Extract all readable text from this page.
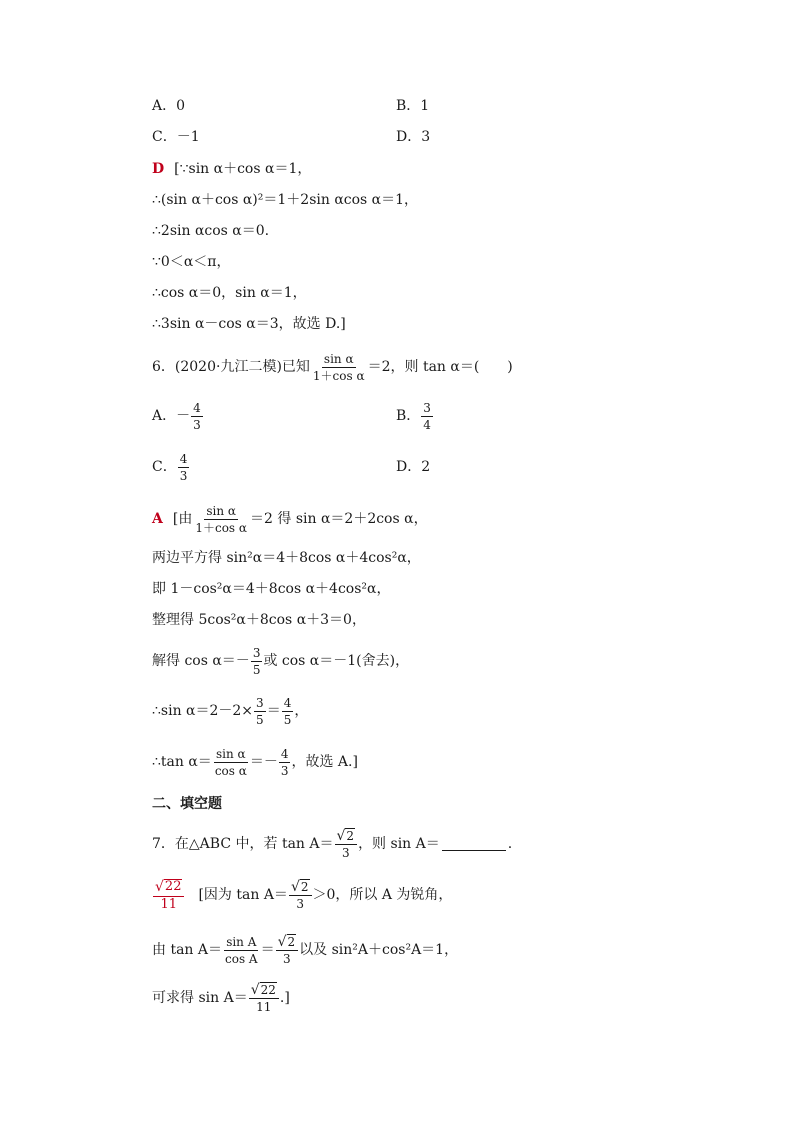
A．0	B．1
C．－1	D．3
D [∵sin α＋cos α＝1，
∴(sin α＋cos α)²＝1＋2sin αcos α＝1，
∴2sin αcos α＝0.
∵0＜α＜π，
∴cos α＝0，sin α＝1，
∴3sin α－cos α＝3，故选 D.]
6．(2020·九江二模)已知 $\frac{\text{sin α}}{\text{1＋cos α}} =2$，则 tan α＝(　　)
A．－ $\frac{4}{3}$	B． $\frac{3}{4}$
C． $\frac{4}{3}$	D．2
A [由 $\frac{\text{sin α}}{\text{1＋cos α}} =2$ 得 sin α＝2＋2cos α，
两边平方得 sin²α＝4＋8cos α＋4cos²α，
即 1－cos²α＝4＋8cos α＋4cos²α，
整理得 5cos²α＋8cos α＋3＝0，
解得 $\cos \alpha=- \frac{3}{5}$ 或 cos α＝－1(舍去)，
∴sin $\alpha=2-2\times \frac{3}{5} = \frac{4}{5}$ ，
∴tan $\alpha= \frac{\text{sin α}}{\text{cos α}} =- \frac{4}{3}$ ，故选 A.]
二、填空题
7．在△ABC 中，若 $\tan A= \frac{√ 2}{3}$ ，则 sin A＝	.
$\frac{√ 22}{11}$ [因为 $\tan A= \frac{√ 2}{3} >0$，所以 A 为锐角，
由 $\tan A= \frac{\text{sin A}}{\text{cos A}} = \frac{√ 2}{3}$ 以及 sin²A＋cos²A＝1，
可求得 $\sin A= \frac{√ 22}{11}$ .]
